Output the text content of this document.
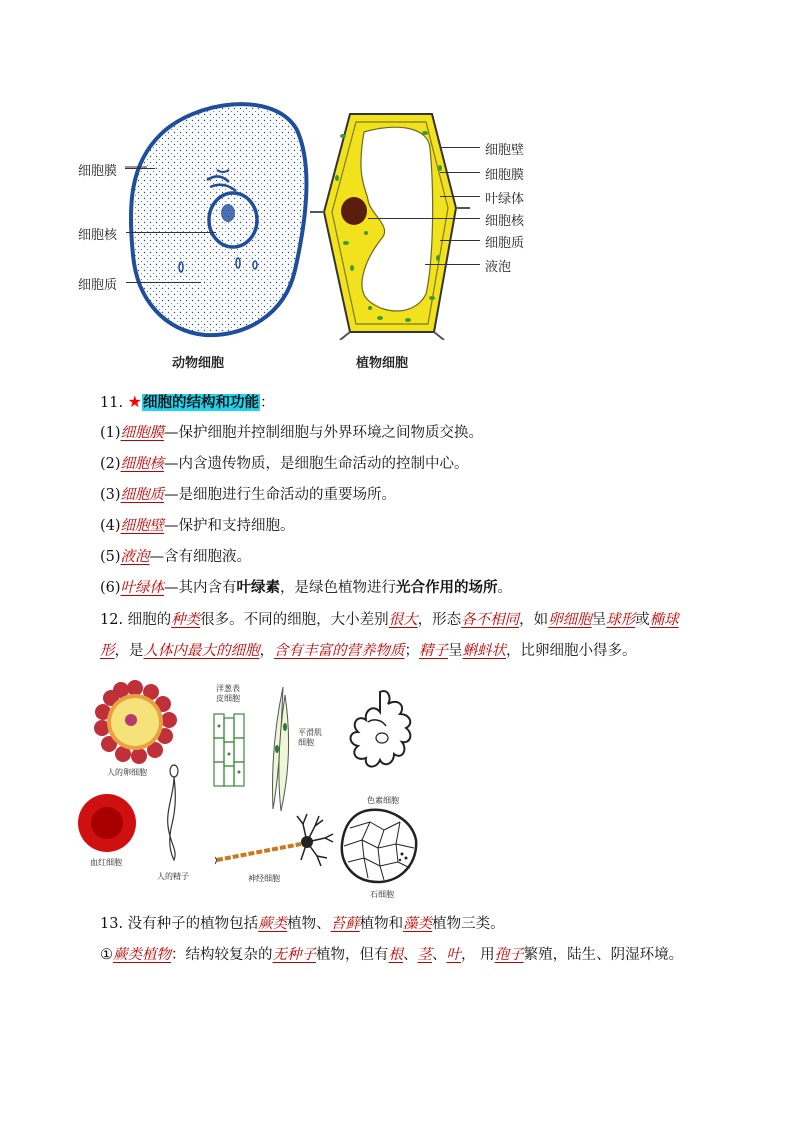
细胞膜
细胞核
细胞质
动物细胞
细胞壁
细胞膜
叶绿体
细胞核
细胞质
液泡
植物细胞
11. ★细胞的结构和功能：
(1)细胞膜—保护细胞并控制细胞与外界环境之间物质交换。
(2)细胞核—内含遗传物质，是细胞生命活动的控制中心。
(3)细胞质—是细胞进行生命活动的重要场所。
(4)细胞壁—保护和支持细胞。
(5)液泡—含有细胞液。
(6)叶绿体—其内含有叶绿素，是绿色植物进行光合作用的场所。
12. 细胞的种类很多。不同的细胞，大小差别很大，形态各不相同，如卵细胞呈球形或椭球
形，是人体内最大的细胞，含有丰富的营养物质；精子呈蝌蚪状，比卵细胞小得多。
人的卵细胞
洋葱表皮细胞
平滑肌细胞
色素细胞
血红细胞
人的精子	神经细胞
石细胞
13. 没有种子的植物包括蕨类植物、苔藓植物和藻类植物三类。
①蕨类植物：结构较复杂的无种子植物，但有根、茎、叶， 用孢子繁殖，陆生、阴湿环境。
